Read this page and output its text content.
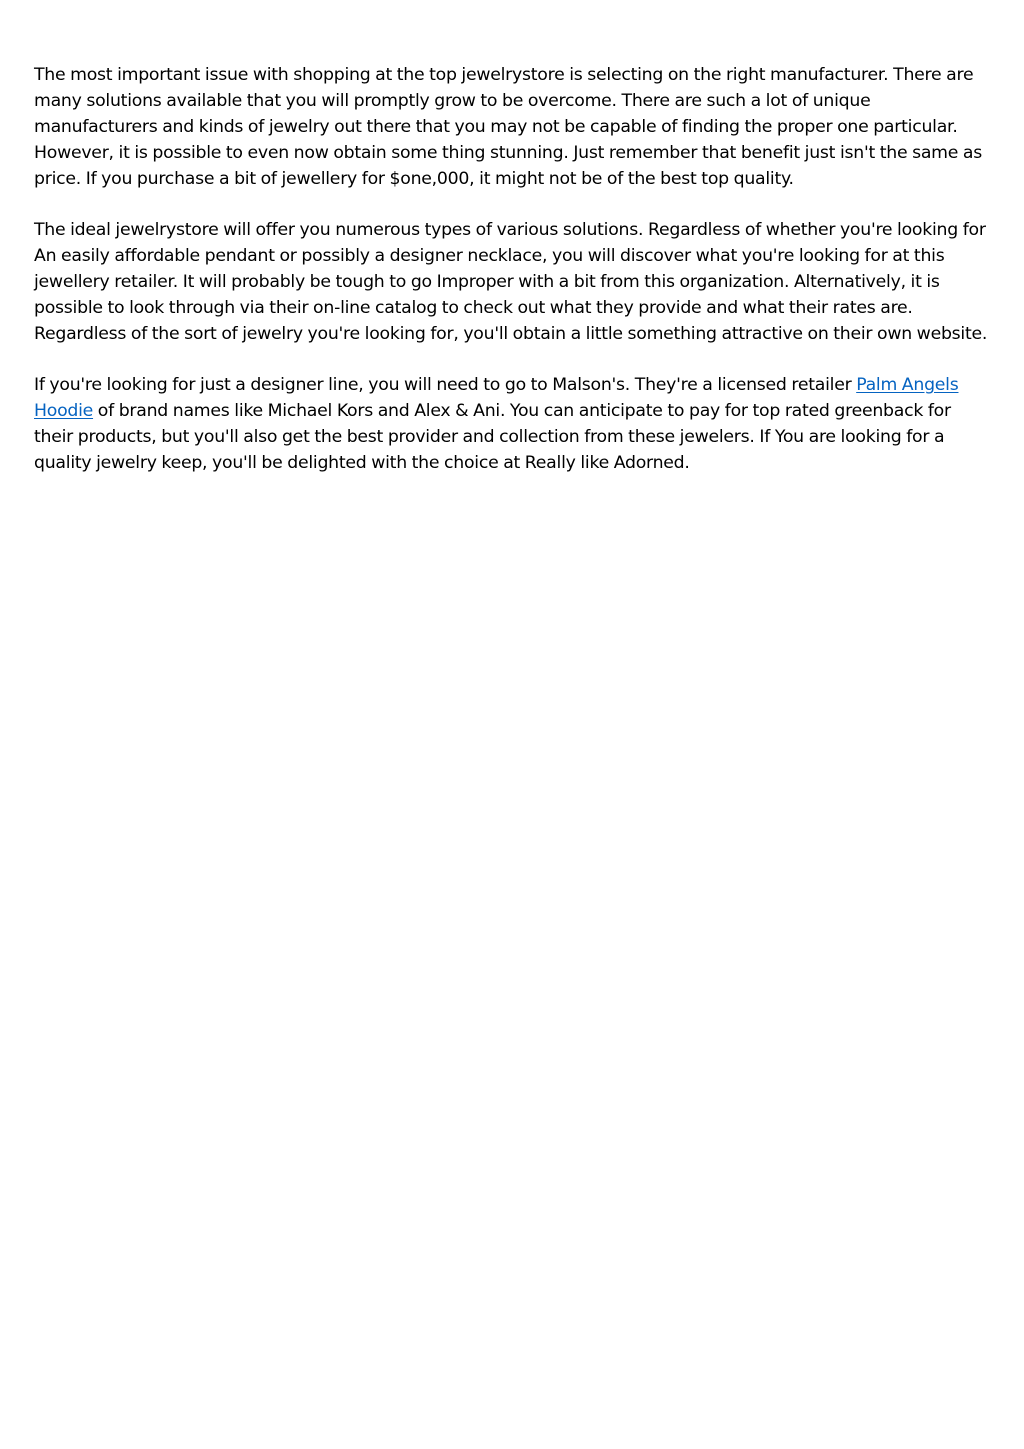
The most important issue with shopping at the top jewelrystore is selecting on the right manufacturer. There are many solutions available that you will promptly grow to be overcome. There are such a lot of unique manufacturers and kinds of jewelry out there that you may not be capable of finding the proper one particular. However, it is possible to even now obtain some thing stunning. Just remember that benefit just isn't the same as price. If you purchase a bit of jewellery for $one,000, it might not be of the best top quality.

The ideal jewelrystore will offer you numerous types of various solutions. Regardless of whether you're looking for An easily affordable pendant or possibly a designer necklace, you will discover what you're looking for at this jewellery retailer. It will probably be tough to go Improper with a bit from this organization. Alternatively, it is possible to look through via their on-line catalog to check out what they provide and what their rates are. Regardless of the sort of jewelry you're looking for, you'll obtain a little something attractive on their own website.

If you're looking for just a designer line, you will need to go to Malson's. They're a licensed retailer Palm Angels Hoodie of brand names like Michael Kors and Alex & Ani. You can anticipate to pay for top rated greenback for their products, but you'll also get the best provider and collection from these jewelers. If You are looking for a quality jewelry keep, you'll be delighted with the choice at Really like Adorned.
